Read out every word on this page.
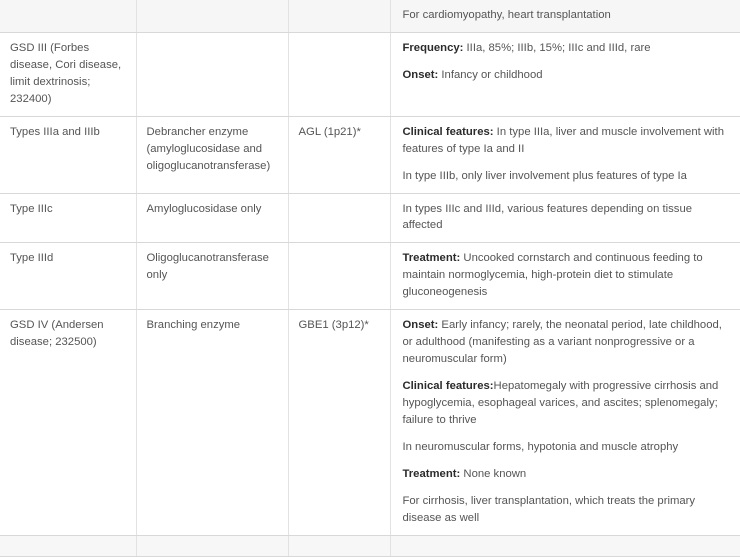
			For cardiomyopathy, heart transplantation

GSD III (Forbes disease, Cori disease, limit dextrinosis; 232400)			Frequency: IIIa, 85%; IIIb, 15%; IIIc and IIId, rare

Onset: Infancy or childhood

Types IIIa and IIIb	Debrancher enzyme (amyloglucosidase and oligoglucanotransferase)	AGL (1p21)*	Clinical features: In type IIIa, liver and muscle involvement with features of type Ia and II

In type IIIb, only liver involvement plus features of type Ia

Type IIIc	Amyloglucosidase only		In types IIIc and IIId, various features depending on tissue affected

Type IIId	Oligoglucanotransferase only		Treatment: Uncooked cornstarch and continuous feeding to maintain normoglycemia, high-protein diet to stimulate gluconeogenesis

GSD IV (Andersen disease; 232500)	Branching enzyme	GBE1 (3p12)*	Onset: Early infancy; rarely, the neonatal period, late childhood, or adulthood (manifesting as a variant nonprogressive or a neuromuscular form)

Clinical features:Hepatomegaly with progressive cirrhosis and hypoglycemia, esophageal varices, and ascites; splenomegaly; failure to thrive

In neuromuscular forms, hypotonia and muscle atrophy

Treatment: None known

For cirrhosis, liver transplantation, which treats the primary disease as well
